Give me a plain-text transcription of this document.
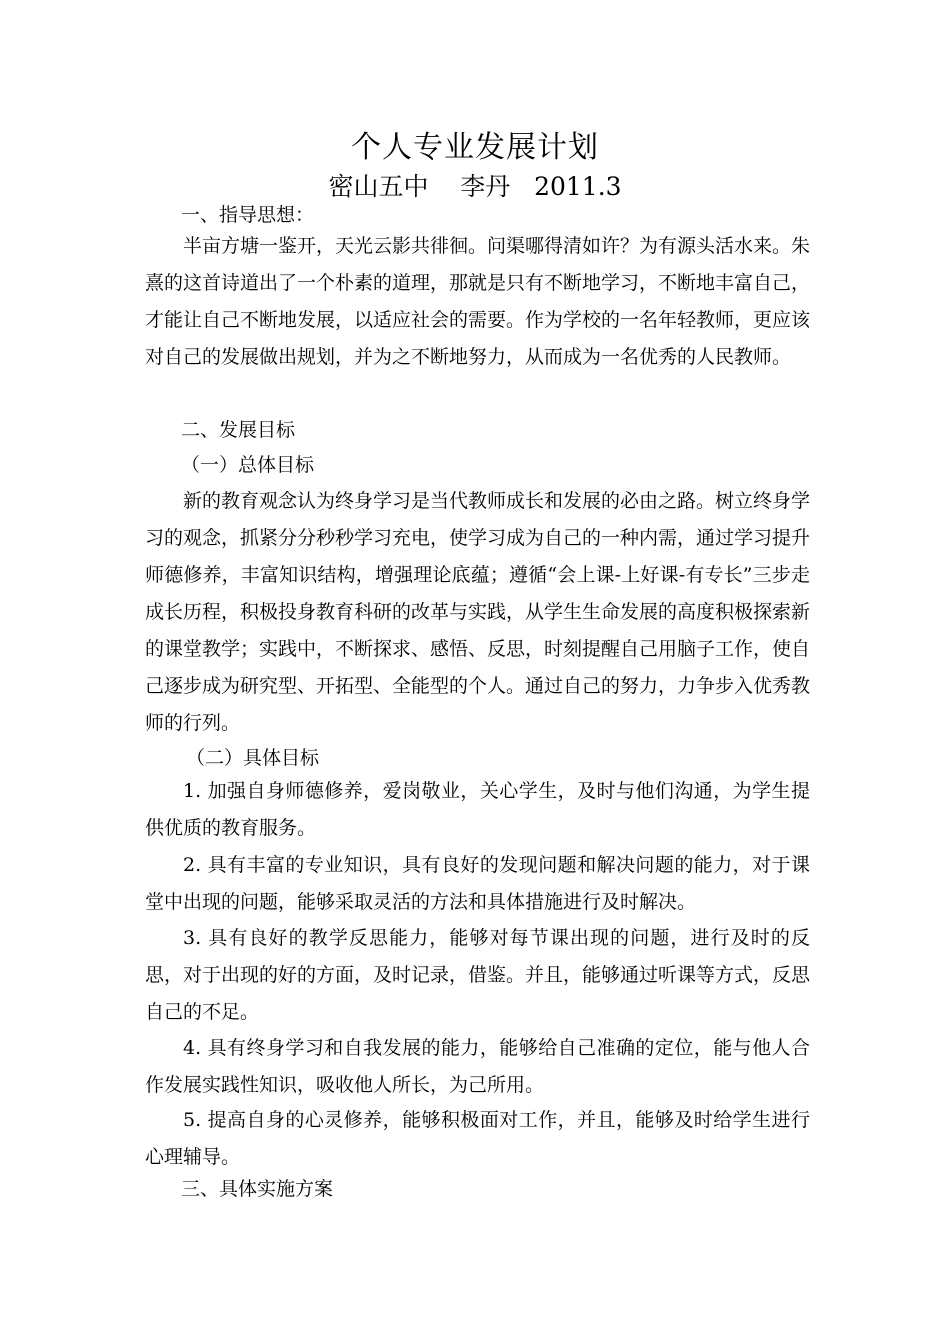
个人专业发展计划
密山五中    李丹   2011.3
一、指导思想：
半亩方塘一鉴开，天光云影共徘徊。问渠哪得清如许？为有源头活水来。朱熹的这首诗道出了一个朴素的道理，那就是只有不断地学习，不断地丰富自己，才能让自己不断地发展，以适应社会的需要。作为学校的一名年轻教师，更应该对自己的发展做出规划，并为之不断地努力，从而成为一名优秀的人民教师。
二、发展目标
（一）总体目标
新的教育观念认为终身学习是当代教师成长和发展的必由之路。树立终身学习的观念，抓紧分分秒秒学习充电，使学习成为自己的一种内需，通过学习提升师德修养，丰富知识结构，增强理论底蕴；遵循“会上课-上好课-有专长”三步走成长历程，积极投身教育科研的改革与实践，从学生生命发展的高度积极探索新的课堂教学；实践中，不断探求、感悟、反思，时刻提醒自己用脑子工作，使自己逐步成为研究型、开拓型、全能型的个人。通过自己的努力，力争步入优秀教师的行列。
（二）具体目标
1. 加强自身师德修养，爱岗敬业，关心学生，及时与他们沟通，为学生提供优质的教育服务。
2. 具有丰富的专业知识，具有良好的发现问题和解决问题的能力，对于课堂中出现的问题，能够采取灵活的方法和具体措施进行及时解决。
3. 具有良好的教学反思能力，能够对每节课出现的问题，进行及时的反思，对于出现的好的方面，及时记录，借鉴。并且，能够通过听课等方式，反思自己的不足。
4. 具有终身学习和自我发展的能力，能够给自己准确的定位，能与他人合作发展实践性知识，吸收他人所长，为己所用。
5. 提高自身的心灵修养，能够积极面对工作，并且，能够及时给学生进行心理辅导。
三、具体实施方案
